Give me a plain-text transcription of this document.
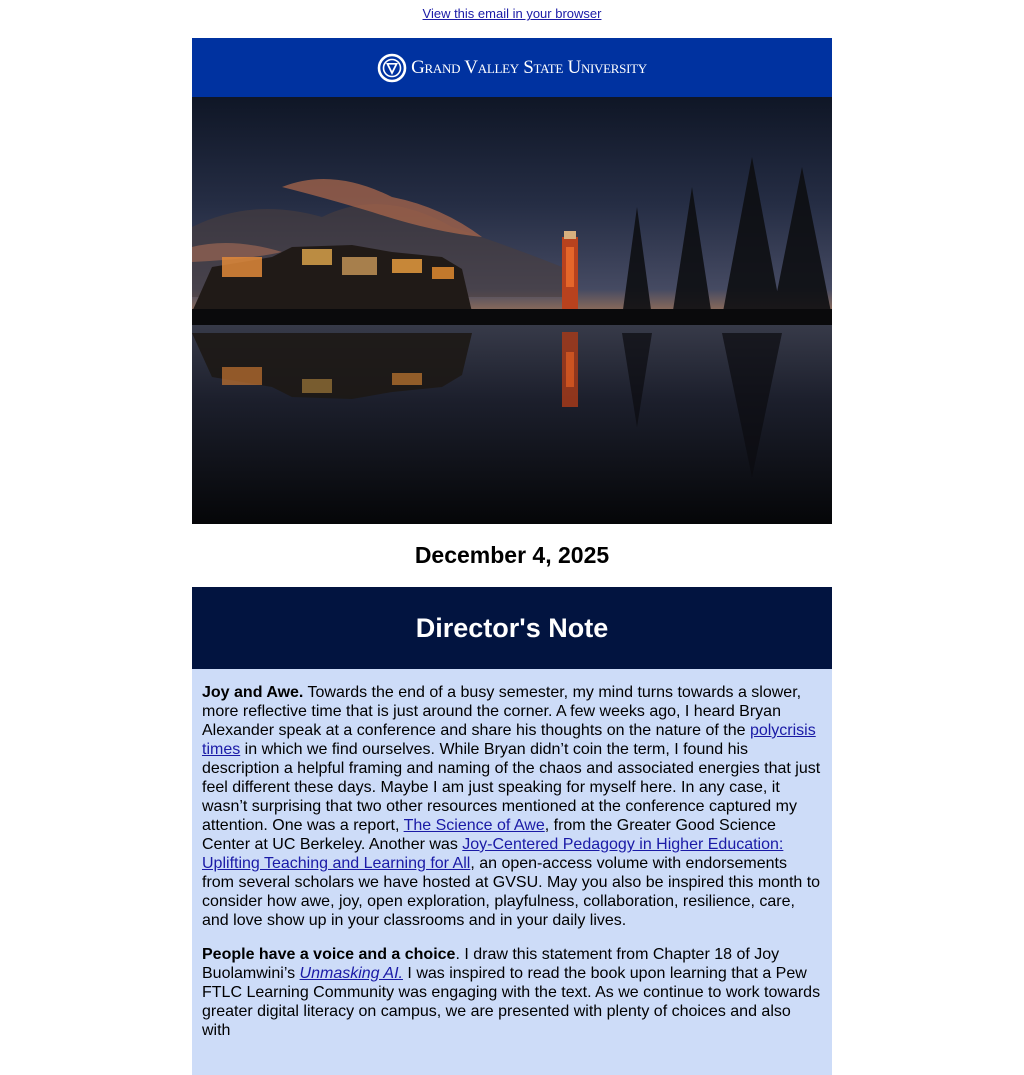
View this email in your browser
Grand Valley State University
December 4, 2025
Director's Note

Joy and Awe. Towards the end of a busy semester, my mind turns towards a slower, more reflective time that is just around the corner. A few weeks ago, I heard Bryan Alexander speak at a conference and share his thoughts on the nature of the polycrisis times in which we find ourselves. While Bryan didn’t coin the term, I found his description a helpful framing and naming of the chaos and associated energies that just feel different these days. Maybe I am just speaking for myself here. In any case, it wasn’t surprising that two other resources mentioned at the conference captured my attention. One was a report, The Science of Awe, from the Greater Good Science Center at UC Berkeley. Another was Joy-Centered Pedagogy in Higher Education: Uplifting Teaching and Learning for All, an open-access volume with endorsements from several scholars we have hosted at GVSU. May you also be inspired this month to consider how awe, joy, open exploration, playfulness, collaboration, resilience, care, and love show up in your classrooms and in your daily lives.

People have a voice and a choice. I draw this statement from Chapter 18 of Joy Buolamwini’s Unmasking AI. I was inspired to read the book upon learning that a Pew FTLC Learning Community was engaging with the text. As we continue to work towards greater digital literacy on campus, we are presented with plenty of choices and also with
